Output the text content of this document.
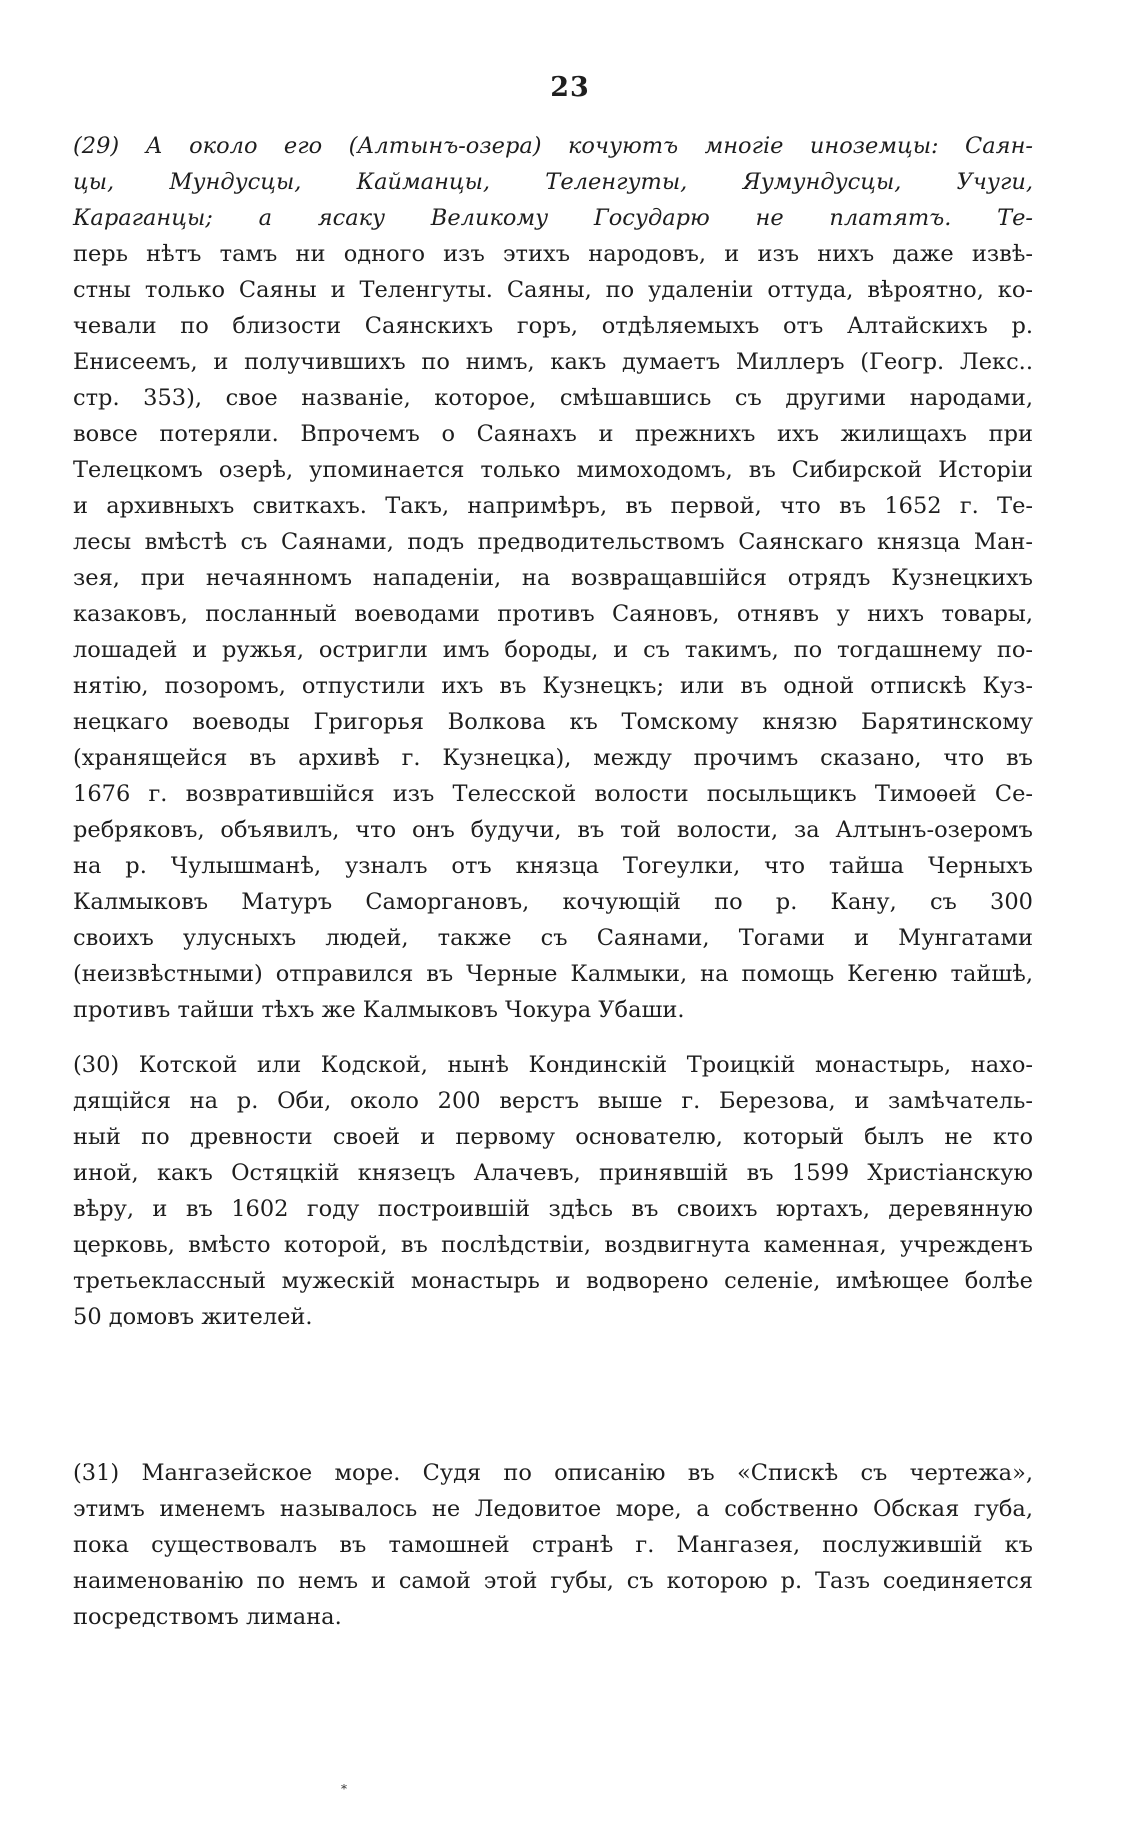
23
(29) А около его (Алтынъ-озера) кочуютъ многіе иноземцы: Саян-
цы, Мундусцы, Кайманцы, Теленгуты, Яумундусцы, Учуги,
Караганцы; а ясаку Великому Государю не платятъ. Те-
перь нѣтъ тамъ ни одного изъ этихъ народовъ, и изъ нихъ даже извѣ-
стны только Саяны и Теленгуты. Саяны, по удаленіи оттуда, вѣроятно, ко-
чевали по близости Саянскихъ горъ, отдѣляемыхъ отъ Алтайскихъ р.
Енисеемъ, и получившихъ по нимъ, какъ думаетъ Миллеръ (Геогр. Лекс..
стр. 353), свое названіе, которое, смѣшавшись съ другими народами,
вовсе потеряли. Впрочемъ о Саянахъ и прежнихъ ихъ жилищахъ при
Телецкомъ озерѣ, упоминается только мимоходомъ, въ Сибирской Исторіи
и архивныхъ свиткахъ. Такъ, напримѣръ, въ первой, что въ 1652 г. Те-
лесы вмѣстѣ съ Саянами, подъ предводительствомъ Саянскаго князца Ман-
зея, при нечаянномъ нападеніи, на возвращавшійся отрядъ Кузнецкихъ
казаковъ, посланный воеводами противъ Саяновъ, отнявъ у нихъ товары,
лошадей и ружья, остригли имъ бороды, и съ такимъ, по тогдашнему по-
нятію, позоромъ, отпустили ихъ въ Кузнецкъ; или въ одной отпискѣ Куз-
нецкаго воеводы Григорья Волкова къ Томскому князю Барятинскому
(хранящейся въ архивѣ г. Кузнецка), между прочимъ сказано, что въ
1676 г. возвратившійся изъ Телесской волости посыльщикъ Тимоѳей Се-
ребряковъ, объявилъ, что онъ будучи, въ той волости, за Алтынъ-озеромъ
на р. Чулышманѣ, узналъ отъ князца Тогеулки, что тайша Черныхъ
Калмыковъ Матуръ Саморгановъ, кочующій по р. Кану, съ 300
своихъ улусныхъ людей, также съ Саянами, Тогами и Мунгатами
(неизвѣстными) отправился въ Черные Калмыки, на помощь Кегеню тайшѣ,
противъ тайши тѣхъ же Калмыковъ Чокура Убаши.
(30) Котской или Кодской, нынѣ Кондинскій Троицкій монастырь, нахо-
дящійся на р. Оби, около 200 верстъ выше г. Березова, и замѣчатель-
ный по древности своей и первому основателю, который былъ не кто
иной, какъ Остяцкій князецъ Алачевъ, принявшій въ 1599 Христіанскую
вѣру, и въ 1602 году построившій здѣсь въ своихъ юртахъ, деревянную
церковь, вмѣсто которой, въ послѣдствіи, воздвигнута каменная, учрежденъ
третьеклассный мужескій монастырь и водворено селеніе, имѣющее болѣе
50 домовъ жителей.
(31) Мангазейское море. Судя по описанію въ «Спискѣ съ чертежа»,
этимъ именемъ называлось не Ледовитое море, а собственно Обская губа,
пока существовалъ въ тамошней странѣ г. Мангазея, послужившій къ
наименованію по немъ и самой этой губы, съ которою р. Тазъ соединяется
посредствомъ лимана.
*
